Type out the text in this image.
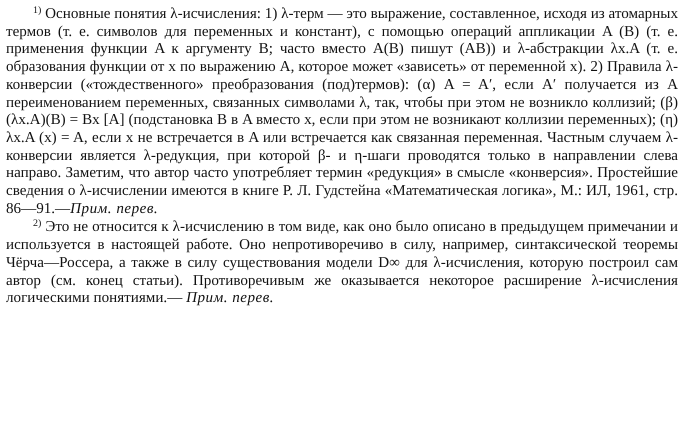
$^{1)}$ Основные понятия λ-исчисления: 1) λ-терм — это выражение, составленное, исходя из атомарных термов (т. е. символов для переменных и констант), с помощью операций аппликации A (B) (т. е. применения функции A к аргументу B; часто вместо A(B) пишут (AB)) и λ-абстракции λx.A (т. е. образования функции от x по выражению A, которое может «зависеть» от переменной x). 2) Правила λ-конверсии («тождественного» преобразования (под)термов): (α) A = A′, если A′ получается из A переименованием переменных, связанных символами λ, так, чтобы при этом не возникло коллизий; (β) (λx.A)(B) = Bx [A] (подстановка B в A вместо x, если при этом не возникают коллизии переменных); (η) λx.A (x) = A, если x не встречается в A или встречается как связанная переменная. Частным случаем λ-конверсии является λ-редукция, при которой β- и η-шаги проводятся только в направлении слева направо. Заметим, что автор часто употребляет термин «редукция» в смысле «конверсия». Простейшие сведения о λ-исчислении имеются в книге Р. Л. Гудстейна «Математическая логика», М.: ИЛ, 1961, стр. 86—91.—Прим. перев.

$^{2)}$ Это не относится к λ-исчислению в том виде, как оно было описано в предыдущем примечании и используется в настоящей работе. Оно непротиворечиво в силу, например, синтаксической теоремы Чёрча—Россера, а также в силу существования модели D∞ для λ-исчисления, которую построил сам автор (см. конец статьи). Противоречивым же оказывается некоторое расширение λ-исчисления логическими понятиями.— Прим. перев.
